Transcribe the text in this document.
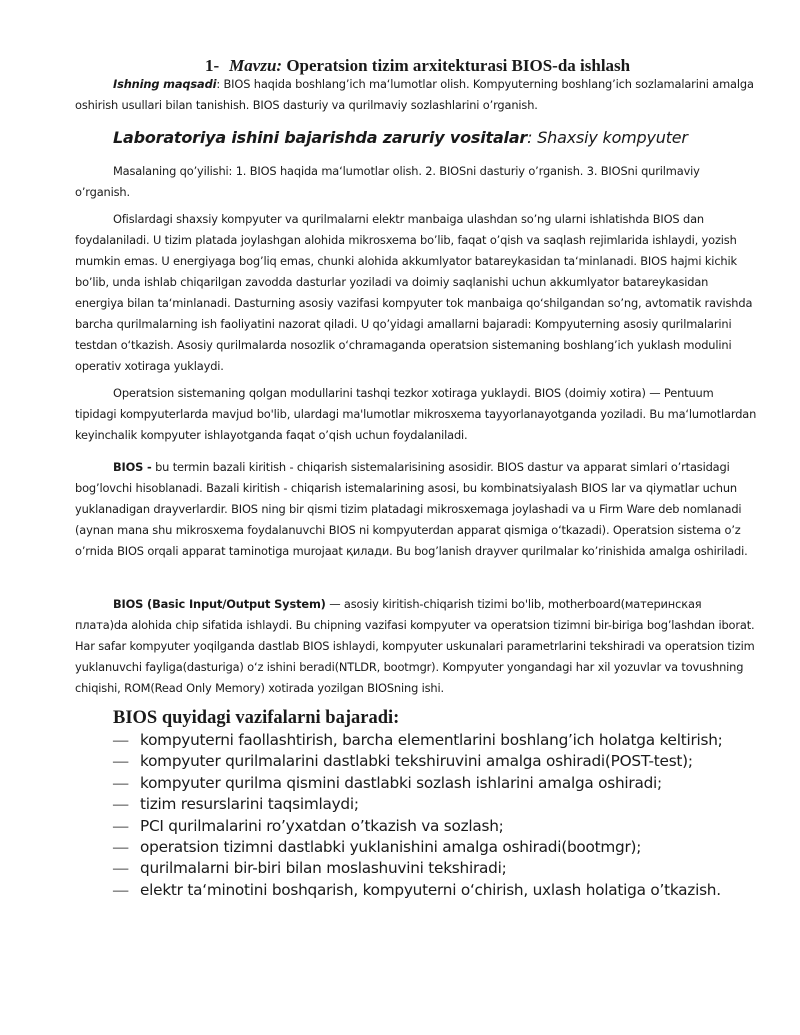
1- Mavzu: Operatsion tizim arxitekturasi BIOS-da ishlash
Ishning maqsadi: BIOS haqida boshlang’ich ma‘lumotlar olish. Kompyuterning boshlang’ich sozlamalarini amalga oshirish usullari bilan tanishish. BIOS dasturiy va qurilmaviy sozlashlarini o’rganish.
Laboratoriya ishini bajarishda zaruriy vositalar: Shaxsiy kompyuter
Masalaning qo’yilishi: 1. BIOS haqida ma‘lumotlar olish. 2. BIOSni dasturiy o’rganish. 3. BIOSni qurilmaviy o’rganish.
Ofislardagi shaxsiy kompyuter va qurilmalarni elektr manbaiga ulashdan so’ng ularni ishlatishda BIOS dan foydalaniladi. U tizim platada joylashgan alohida mikrosxema bo’lib, faqat o’qish va saqlash rejimlarida ishlaydi, yozish mumkin emas. U energiyaga bog’liq emas, chunki alohida akkumlyator batareykasidan ta‘minlanadi. BIOS hajmi kichik bo’lib, unda ishlab chiqarilgan zavodda dasturlar yoziladi va doimiy saqlanishi uchun akkumlyator batareykasidan energiya bilan ta‘minlanadi. Dasturning asosiy vazifasi kompyuter tok manbaiga qo‘shilgandan so’ng, avtomatik ravishda barcha qurilmalarning ish faoliyatini nazorat qiladi. U qo’yidagi amallarni bajaradi: Kompyuterning asosiy qurilmalarini testdan o‘tkazish. Asosiy qurilmalarda nosozlik o‘chramaganda operatsion sistemaning boshlang’ich yuklash modulini operativ xotiraga yuklaydi.
Operatsion sistemaning qolgan modullarini tashqi tezkor xotiraga yuklaydi. BIOS (doimiy xotira) — Pentuum tipidagi kompyuterlarda mavjud bo'lib, ulardagi ma'lumotlar mikrosxema tayyorlanayotganda yoziladi. Bu ma‘lumotlardan keyinchalik kompyuter ishlayotganda faqat o’qish uchun foydalaniladi.
BIOS - bu termin bazali kiritish - chiqarish sistemalarisining asosidir. BIOS dastur va apparat simlari o’rtasidagi bog’lovchi hisoblanadi. Bazali kiritish - chiqarish istemalarining asosi, bu kombinatsiyalash BIOS lar va qiymatlar uchun yuklanadigan drayverlardir. BIOS ning bir qismi tizim platadagi mikrosxemaga joylashadi va u Firm Ware deb nomlanadi (aynan mana shu mikrosxema foydalanuvchi BIOS ni kompyuterdan apparat qismiga o‘tkazadi). Operatsion sistema o’z o’rnida BIOS orqali apparat taminotiga murojaat қилади. Bu bog’lanish drayver qurilmalar ko’rinishida amalga oshiriladi.
BIOS (Basic Input/Output System) — asosiy kiritish-chiqarish tizimi bo'lib, motherboard(материнская плата)da alohida chip sifatida ishlaydi. Bu chipning vazifasi kompyuter va operatsion tizimni bir-biriga bog’lashdan iborat. Har safar kompyuter yoqilganda dastlab BIOS ishlaydi, kompyuter uskunalari parametrlarini tekshiradi va operatsion tizim yuklanuvchi fayliga(dasturiga) o‘z ishini beradi(NTLDR, bootmgr). Kompyuter yongandagi har xil yozuvlar va tovushning chiqishi, ROM(Read Only Memory) xotirada yozilgan BIOSning ishi.
BIOS quyidagi vazifalarni bajaradi:
— kompyuterni faollashtirish, barcha elementlarini boshlang’ich holatga keltirish;
— kompyuter qurilmalarini dastlabki tekshiruvini amalga oshiradi(POST-test);
— kompyuter qurilma qismini dastlabki sozlash ishlarini amalga oshiradi;
— tizim resurslarini taqsimlaydi;
— PCI qurilmalarini ro’yxatdan o’tkazish va sozlash;
— operatsion tizimni dastlabki yuklanishini amalga oshiradi(bootmgr);
— qurilmalarni bir-biri bilan moslashuvini tekshiradi;
— elektr ta‘minotini boshqarish, kompyuterni o‘chirish, uxlash holatiga o’tkazish.
